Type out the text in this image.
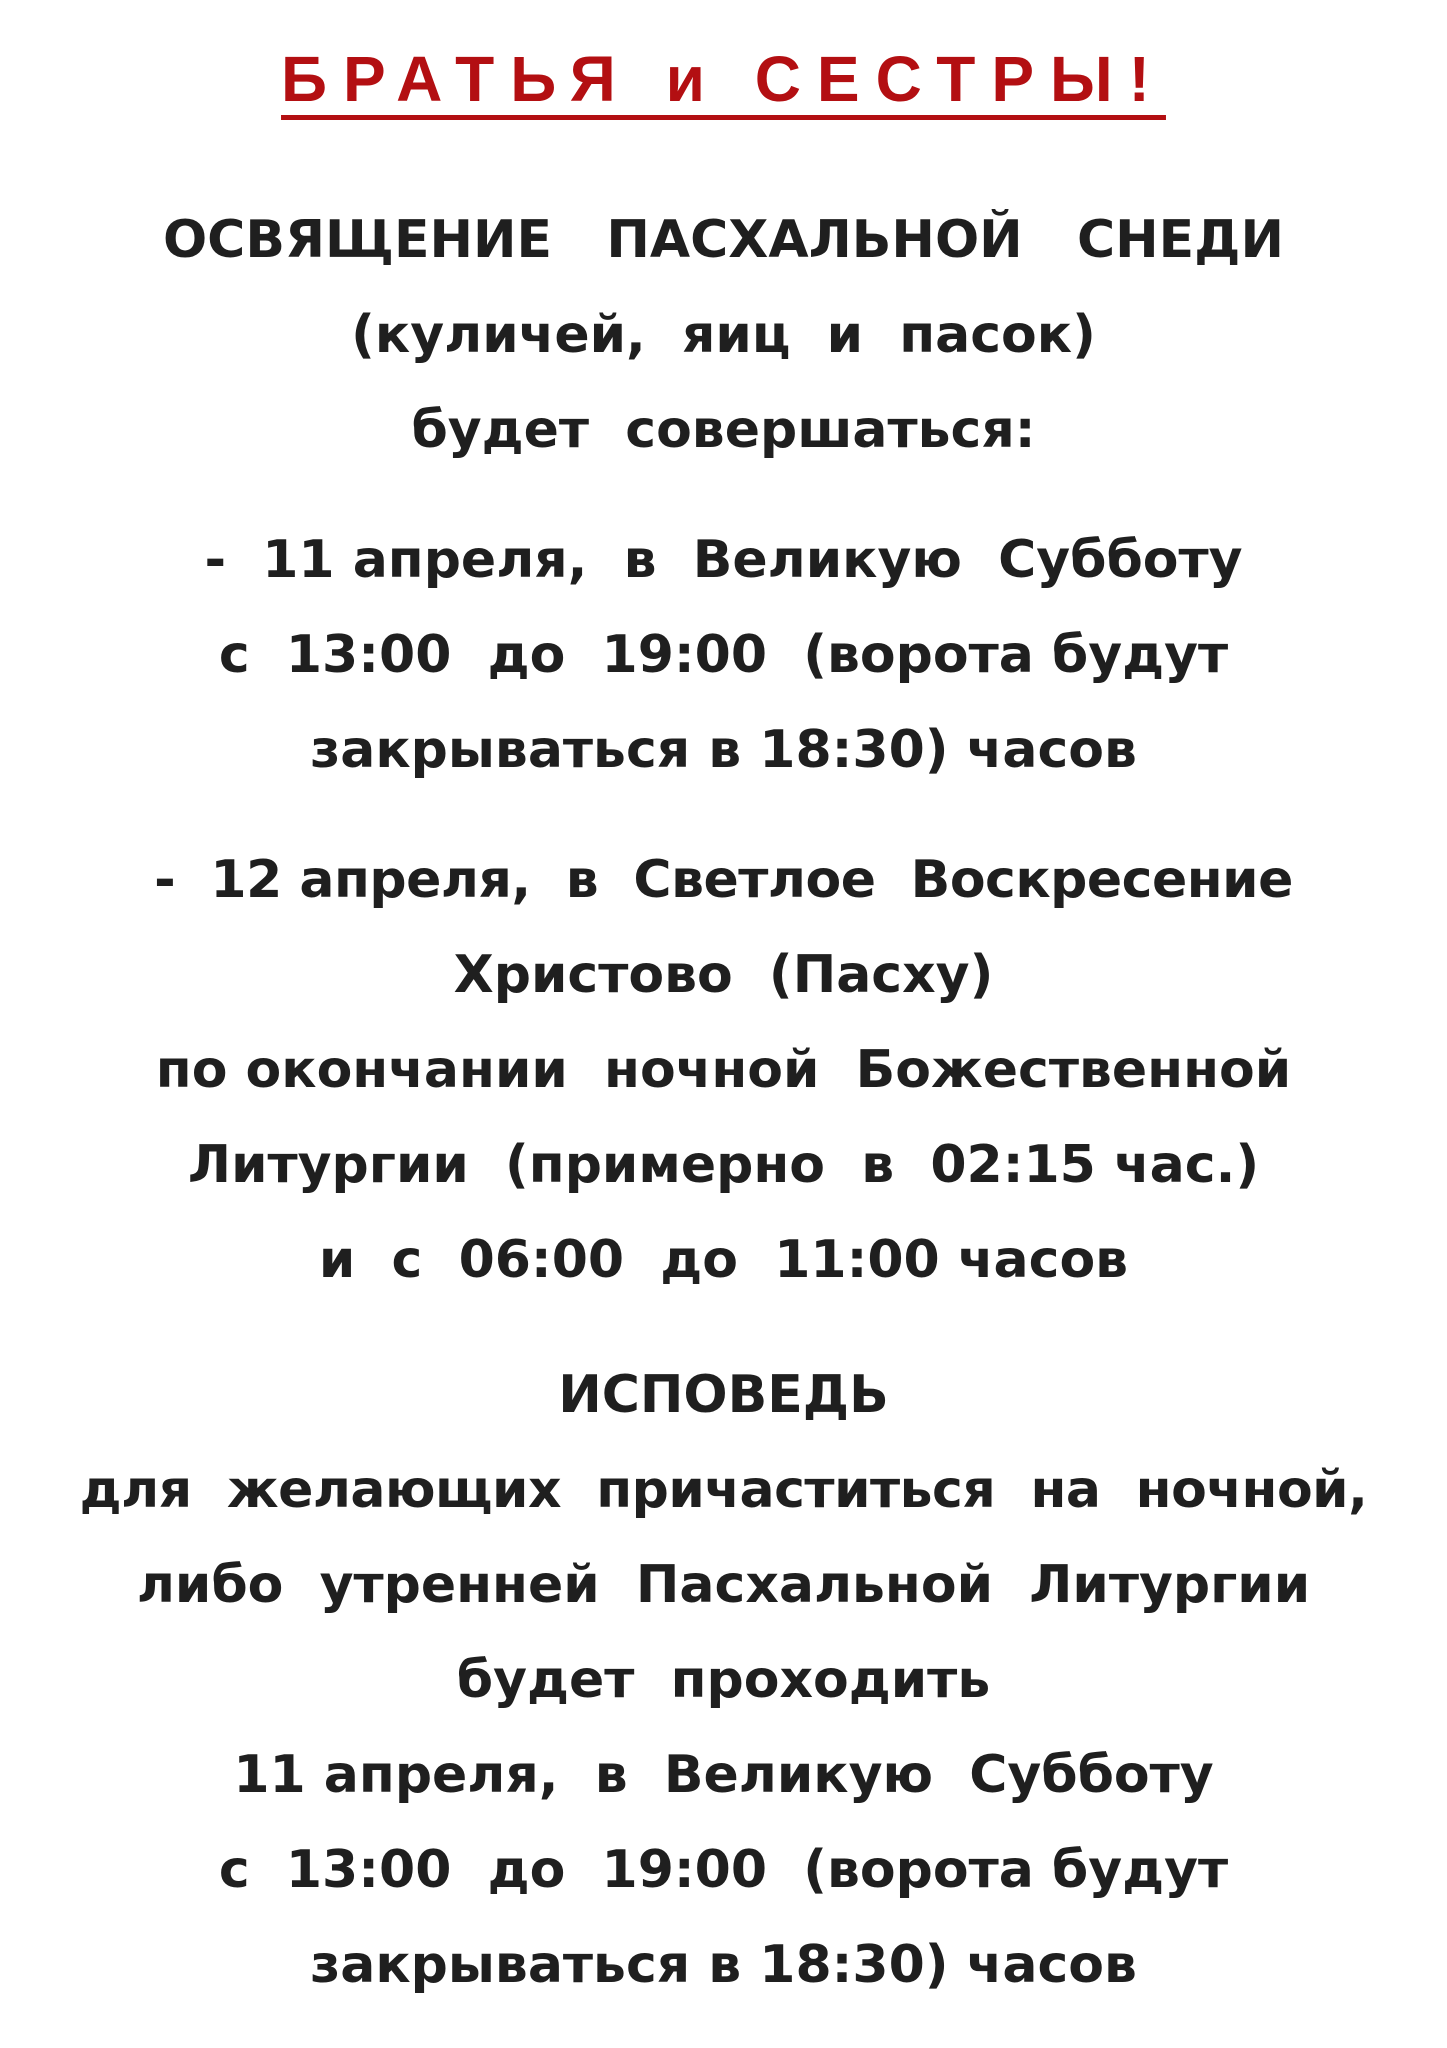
БРАТЬЯ и СЕСТРЫ!
ОСВЯЩЕНИЕ   ПАСХАЛЬНОЙ   СНЕДИ
(куличей,  яиц  и  пасок)
будет  совершаться:
-  11 апреля,  в  Великую  Субботу
с  13:00  до  19:00  (ворота будут
закрываться в 18:30) часов
-  12 апреля,  в  Светлое  Воскресение
Христово  (Пасху)
по окончании  ночной  Божественной
Литургии  (примерно  в  02:15 час.)
и  с  06:00  до  11:00 часов
ИСПОВЕДЬ
для  желающих  причаститься  на  ночной,
либо  утренней  Пасхальной  Литургии
будет  проходить
11 апреля,  в  Великую  Субботу
с  13:00  до  19:00  (ворота будут
закрываться в 18:30) часов
